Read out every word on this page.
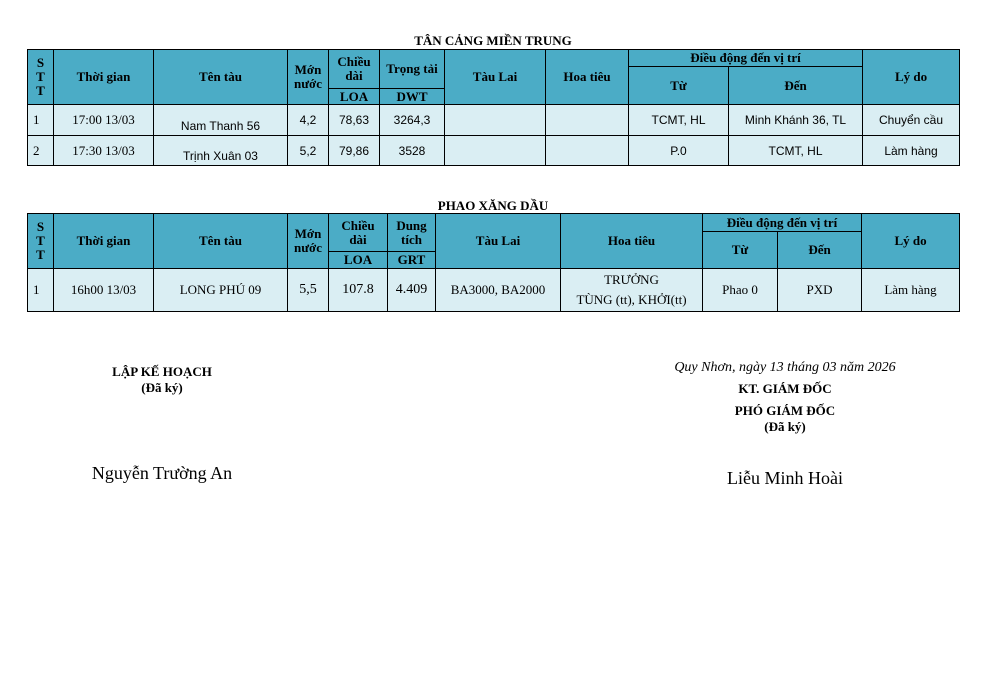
TÂN CẢNG MIỀN TRUNG
S
T
T	Thời gian	Tên tàu	Mớn
nước	Chiều
dài	Trọng tải	Tàu Lai	Hoa tiêu	Điều động đến vị trí		Lý do
								Từ	Đến	
				LOA	DWT					
1	17:00 13/03	Nam Thanh 56	4,2	78,63	3264,3			TCMT, HL	Minh Khánh 36, TL	Chuyển cầu
2	17:30 13/03	Trịnh Xuân 03	5,2	79,86	3528			P.0	TCMT, HL	Làm hàng
PHAO XĂNG DẦU
S
T
T	Thời gian	Tên tàu	Mớn
nước	Chiều
dài	Dung
tích	Tàu Lai	Hoa tiêu	Điều động đến vị trí		Lý do
								Từ	Đến	
				LOA	GRT					
1	16h00 13/03	LONG PHÚ 09	5,5	107.8	4.409	BA3000, BA2000	TRƯỞNG
TÙNG (tt), KHỞI(tt)	Phao 0	PXD	Làm hàng
LẬP KẾ HOẠCH
(Đã ký)
Nguyễn Trường An
Quy Nhơn, ngày 13 tháng 03 năm 2026
KT. GIÁM ĐỐC
PHÓ GIÁM ĐỐC
(Đã ký)
Liễu Minh Hoài
